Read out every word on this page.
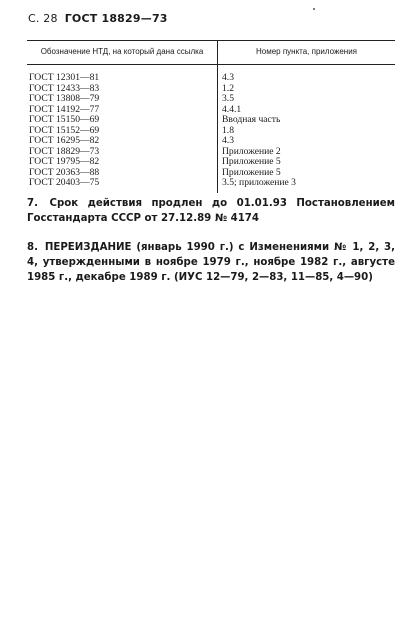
С. 28 ГОСТ 18829—73
Обозначение НТД, на который дана ссылка	Номер пункта, приложения
ГОСТ 12301—81	4.3
ГОСТ 12433—83	1.2
ГОСТ 13808—79	3.5
ГОСТ 14192—77	4.4.1
ГОСТ 15150—69	Вводная часть
ГОСТ 15152—69	1.8
ГОСТ 16295—82	4.3
ГОСТ 18829—73	Приложение 2
ГОСТ 19795—82	Приложение 5
ГОСТ 20363—88	Приложение 5
ГОСТ 20403—75	3.5; приложение 3
7. Срок действия продлен до 01.01.93 Постановлением Госстандарта СССР от 27.12.89 № 4174
8. ПЕРЕИЗДАНИЕ (январь 1990 г.) с Изменениями № 1, 2, 3, 4, утвержденными в ноябре 1979 г., ноябре 1982 г., августе 1985 г., декабре 1989 г. (ИУС 12—79, 2—83, 11—85, 4—90)
